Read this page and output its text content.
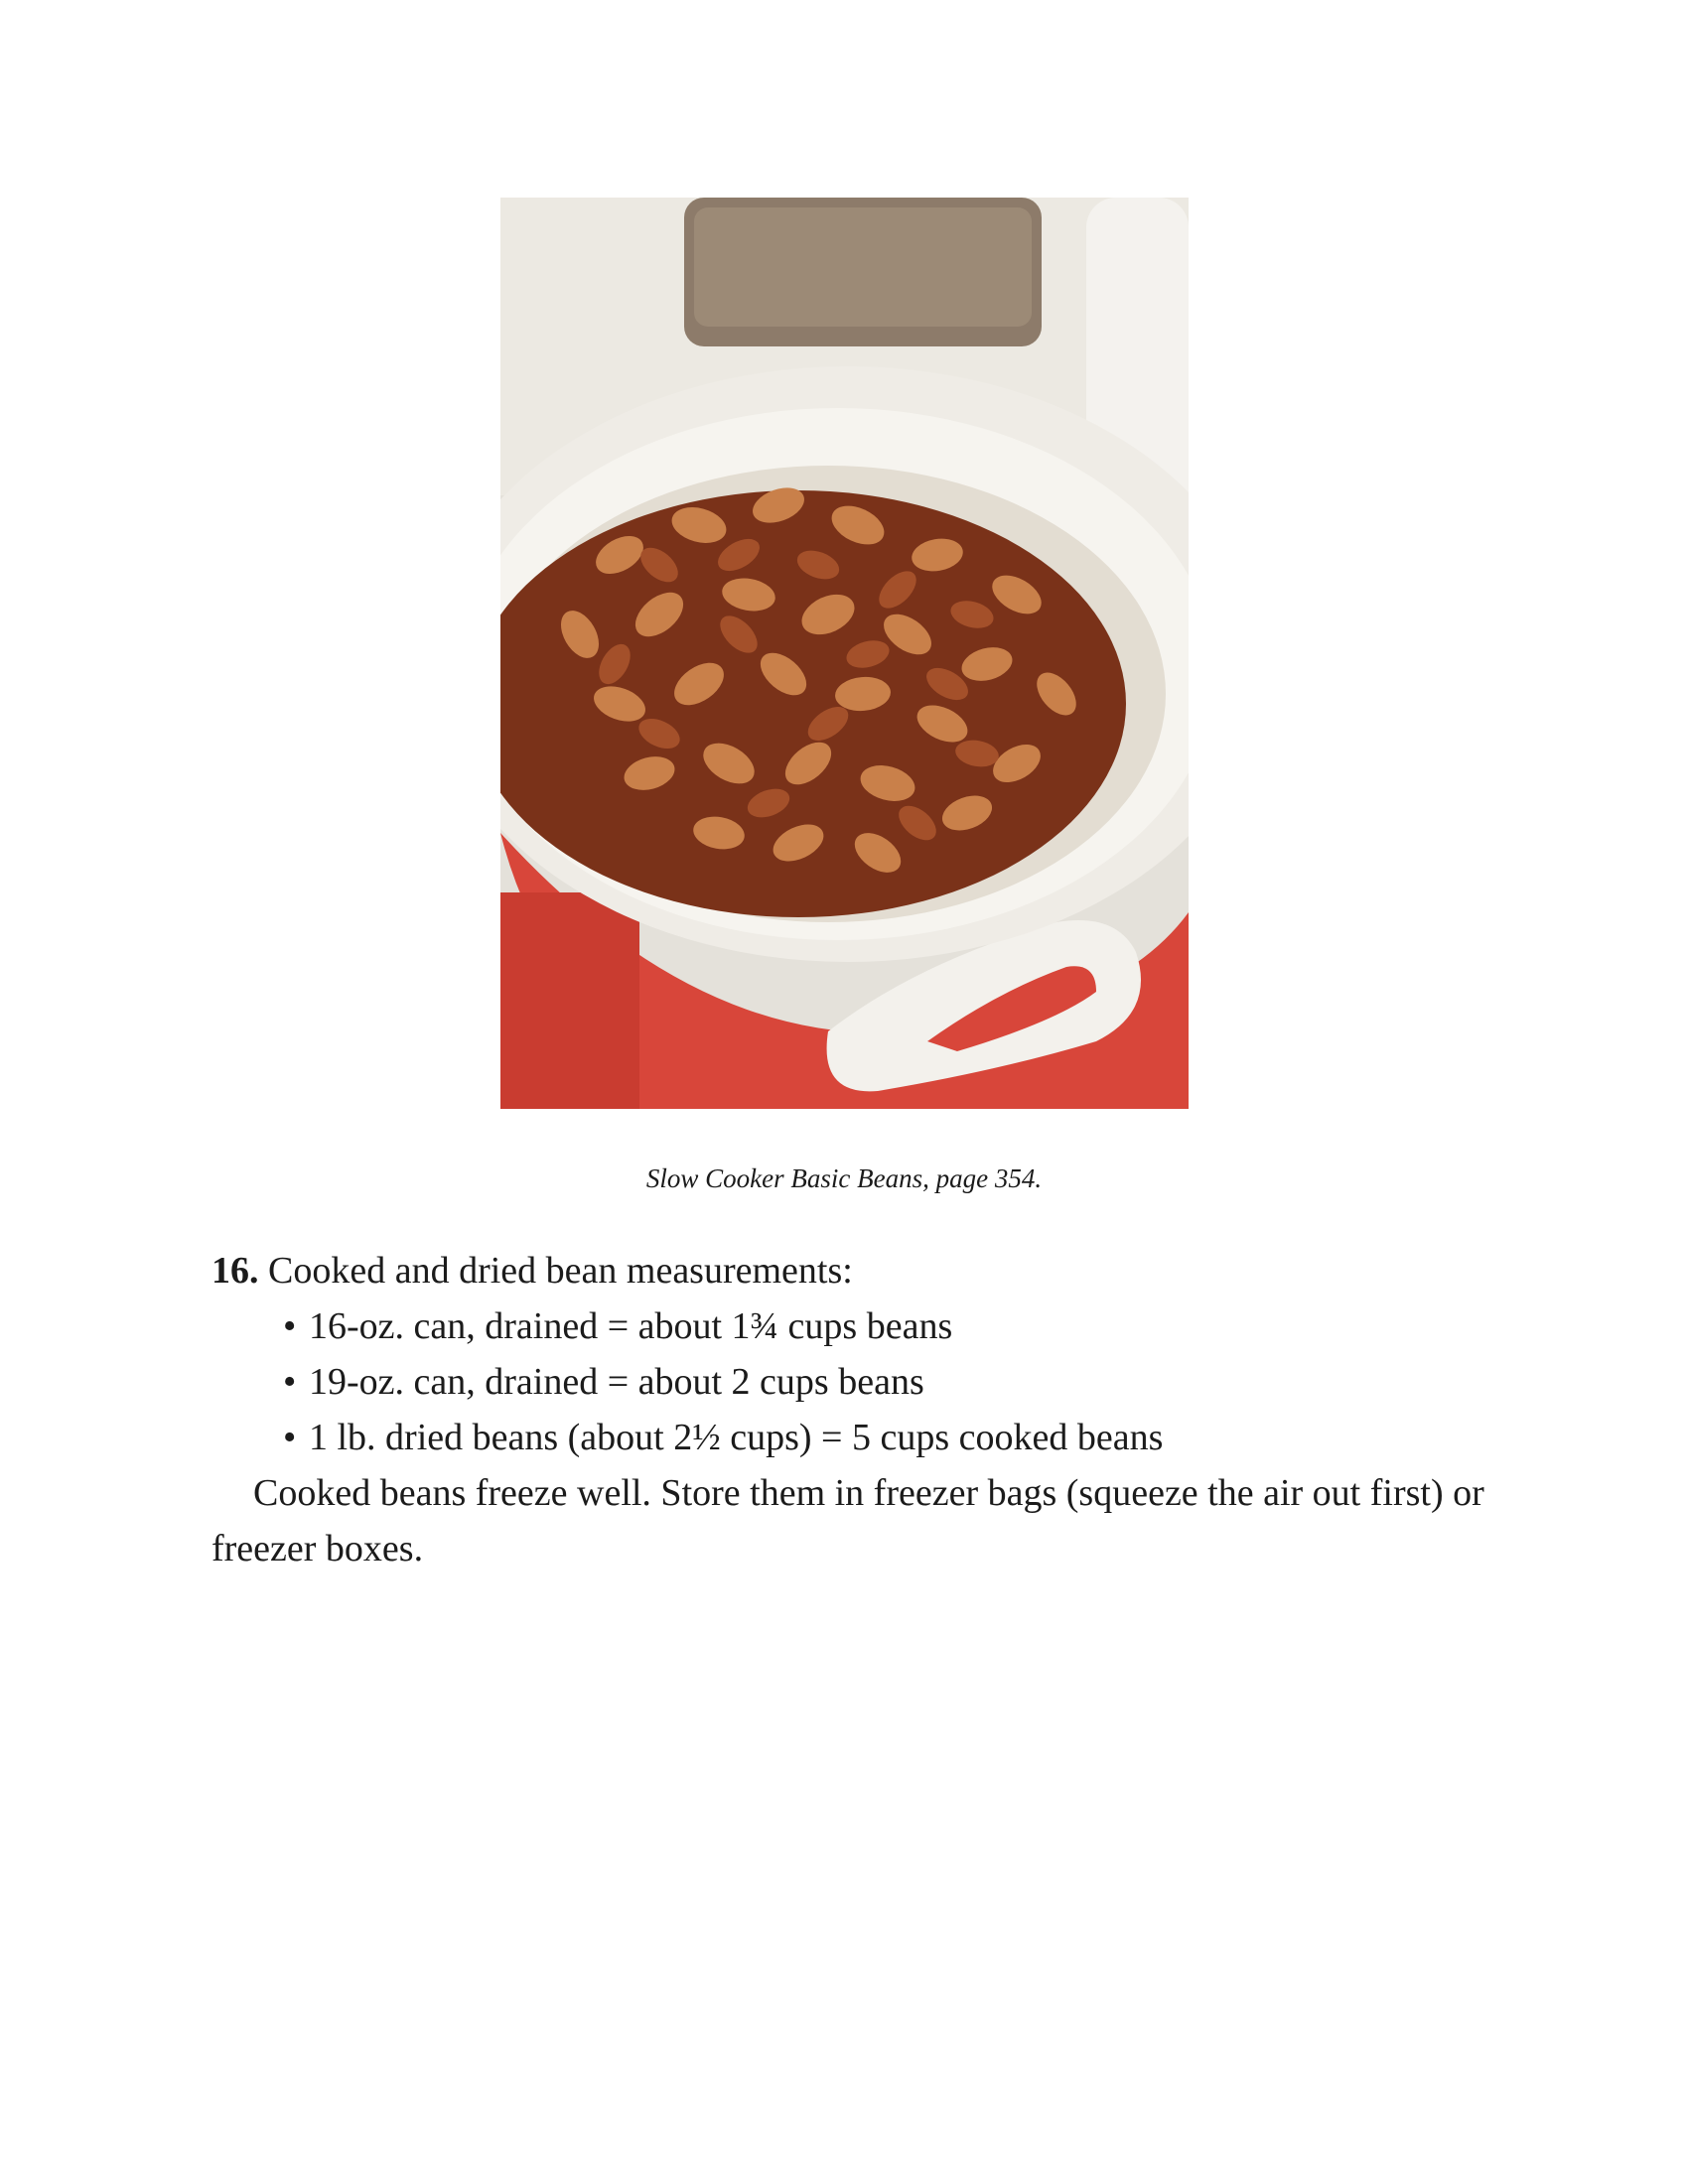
Slow Cooker Basic Beans, page 354.
16. Cooked and dried bean measurements:
• 16-oz. can, drained = about 1¾ cups beans
• 19-oz. can, drained = about 2 cups beans
• 1 lb. dried beans (about 2½ cups) = 5 cups cooked beans

Cooked beans freeze well. Store them in freezer bags (squeeze the air out first) or freezer boxes.
